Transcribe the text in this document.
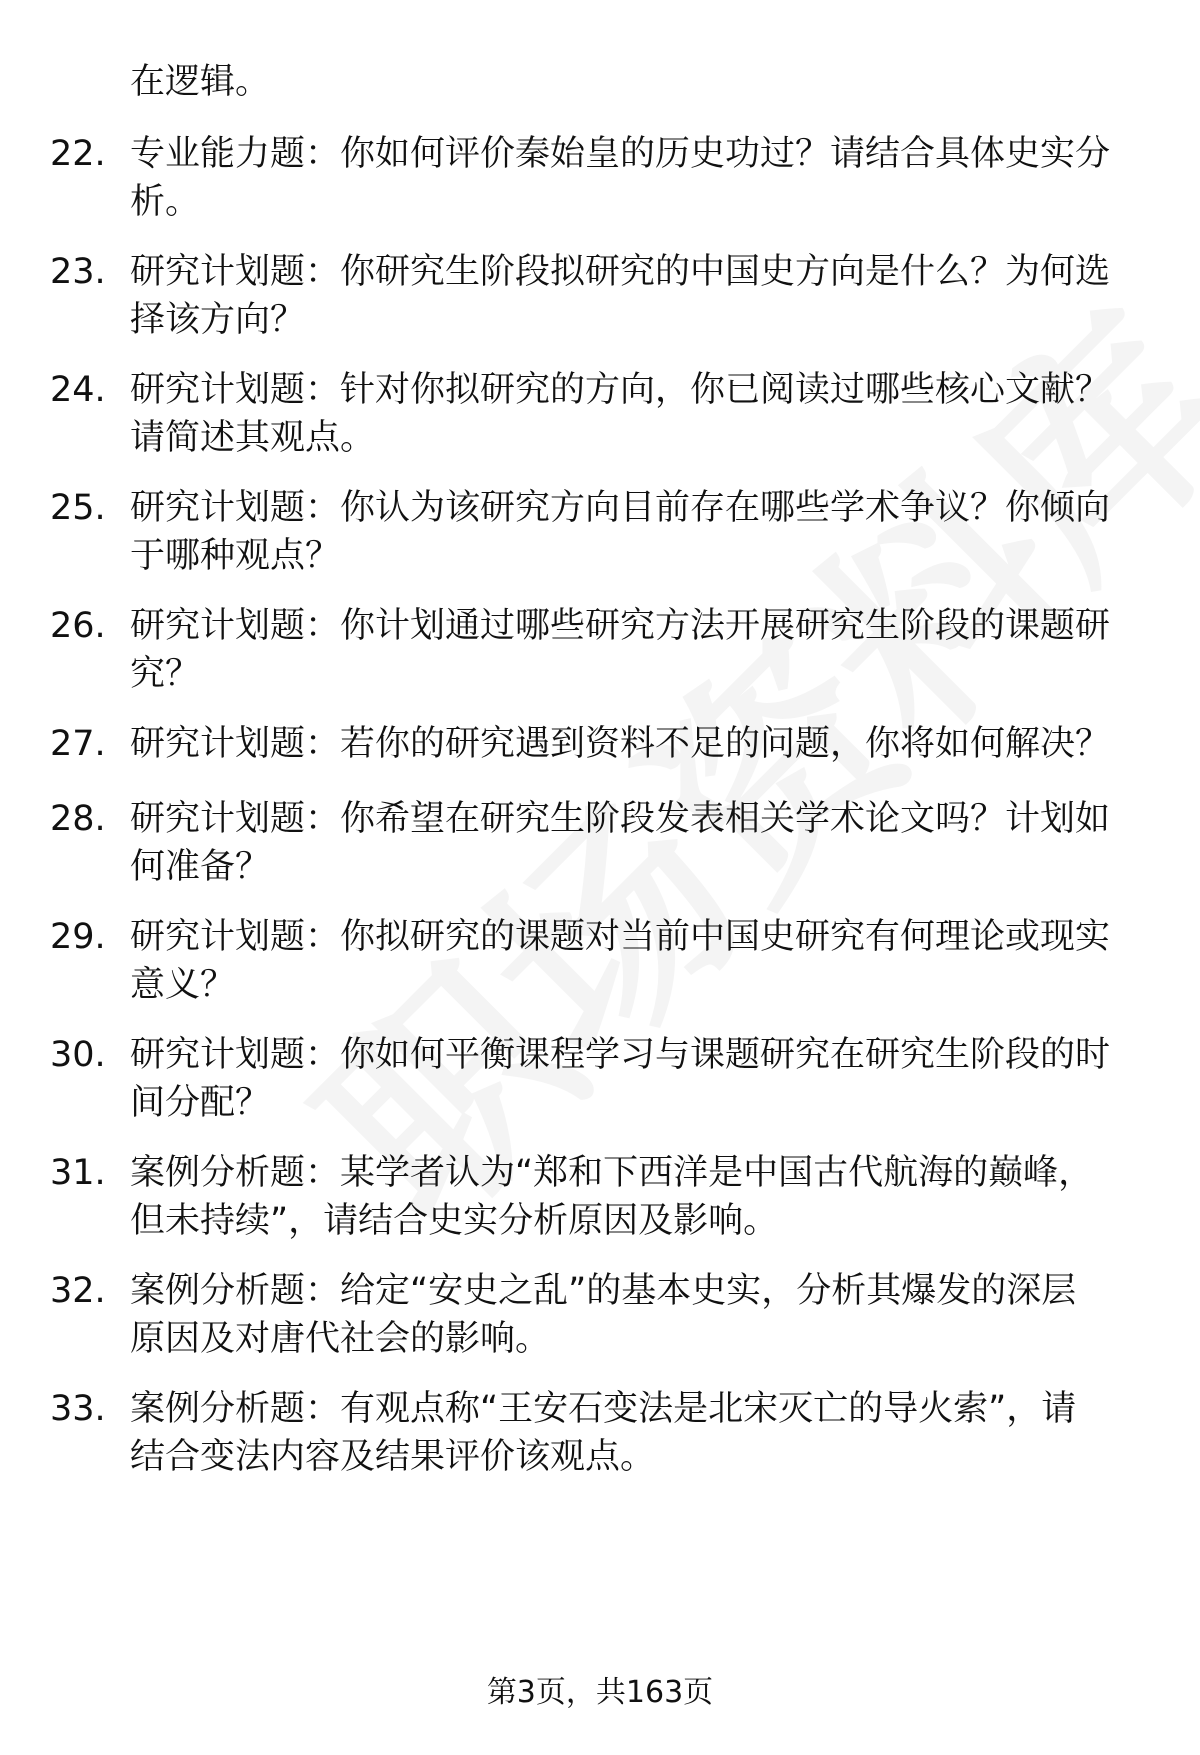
在逻辑。
22. 专业能力题：你如何评价秦始皇的历史功过？请结合具体史实分
析。
23. 研究计划题：你研究生阶段拟研究的中国史方向是什么？为何选
择该方向？
24. 研究计划题：针对你拟研究的方向，你已阅读过哪些核心文献？
请简述其观点。
25. 研究计划题：你认为该研究方向目前存在哪些学术争议？你倾向
于哪种观点？
26. 研究计划题：你计划通过哪些研究方法开展研究生阶段的课题研
究？
27. 研究计划题：若你的研究遇到资料不足的问题，你将如何解决？
28. 研究计划题：你希望在研究生阶段发表相关学术论文吗？计划如
何准备？
29. 研究计划题：你拟研究的课题对当前中国史研究有何理论或现实
意义？
30. 研究计划题：你如何平衡课程学习与课题研究在研究生阶段的时
间分配？
31. 案例分析题：某学者认为“郑和下西洋是中国古代航海的巅峰，
但未持续”，请结合史实分析原因及影响。
32. 案例分析题：给定“安史之乱”的基本史实，分析其爆发的深层
原因及对唐代社会的影响。
33. 案例分析题：有观点称“王安石变法是北宋灭亡的导火索”，请
结合变法内容及结果评价该观点。
第3页，共163页
